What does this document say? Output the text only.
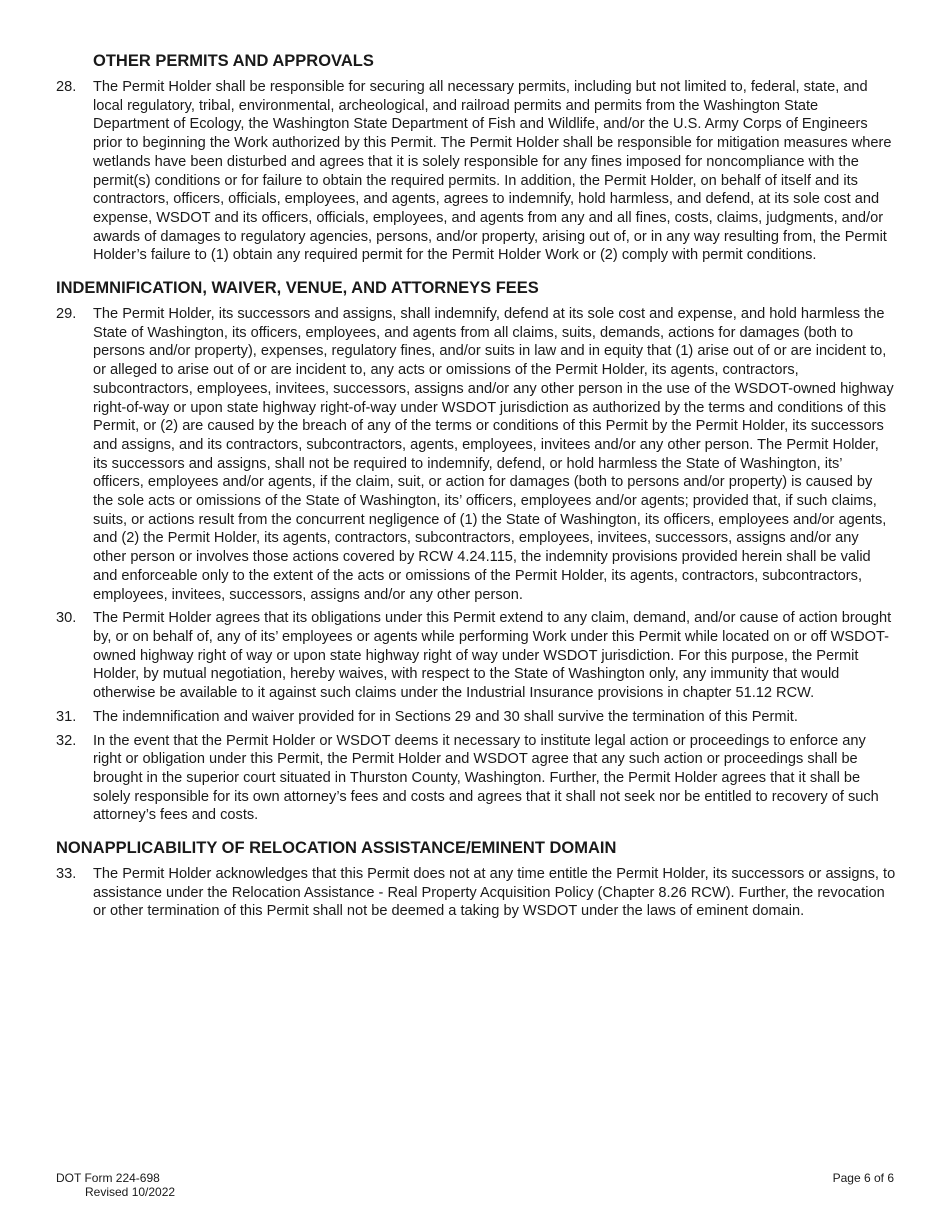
OTHER PERMITS AND APPROVALS
28.	The Permit Holder shall be responsible for securing all necessary permits, including but not limited to, federal, state, and local regulatory, tribal, environmental, archeological, and railroad permits and permits from the Washington State Department of Ecology, the Washington State Department of Fish and Wildlife, and/or the U.S. Army Corps of Engineers prior to beginning the Work authorized by this Permit. The Permit Holder shall be responsible for mitigation measures where wetlands have been disturbed and agrees that it is solely responsible for any fines imposed for noncompliance with the permit(s) conditions or for failure to obtain the required permits. In addition, the Permit Holder, on behalf of itself and its contractors, officers, officials, employees, and agents, agrees to indemnify, hold harmless, and defend, at its sole cost and expense, WSDOT and its officers, officials, employees, and agents from any and all fines, costs, claims, judgments, and/or awards of damages to regulatory agencies, persons, and/or property, arising out of, or in any way resulting from, the Permit Holder’s failure to (1) obtain any required permit for the Permit Holder Work or (2) comply with permit conditions.
INDEMNIFICATION, WAIVER, VENUE, AND ATTORNEYS FEES
29.	The Permit Holder, its successors and assigns, shall indemnify, defend at its sole cost and expense, and hold harmless the State of Washington, its officers, employees, and agents from all claims, suits, demands, actions for damages (both to persons and/or property), expenses, regulatory fines, and/or suits in law and in equity that (1) arise out of or are incident to, or alleged to arise out of or are incident to, any acts or omissions of the Permit Holder, its agents, contractors, subcontractors, employees, invitees, successors, assigns and/or any other person in the use of the WSDOT-owned highway right-of-way or upon state highway right-of-way under WSDOT jurisdiction as authorized by the terms and conditions of this Permit, or (2) are caused by the breach of any of the terms or conditions of this Permit by the Permit Holder, its successors and assigns, and its contractors, subcontractors, agents, employees, invitees and/or any other person. The Permit Holder, its successors and assigns, shall not be required to indemnify, defend, or hold harmless the State of Washington, its’ officers, employees and/or agents, if the claim, suit, or action for damages (both to persons and/or property) is caused by the sole acts or omissions of the State of Washington, its’ officers, employees and/or agents; provided that, if such claims, suits, or actions result from the concurrent negligence of (1) the State of Washington, its officers, employees and/or agents, and (2) the Permit Holder, its agents, contractors, subcontractors, employees, invitees, successors, assigns and/or any other person or involves those actions covered by RCW 4.24.115, the indemnity provisions provided herein shall be valid and enforceable only to the extent of the acts or omissions of the Permit Holder, its agents, contractors, subcontractors, employees, invitees, successors, assigns and/or any other person.
30.	The Permit Holder agrees that its obligations under this Permit extend to any claim, demand, and/or cause of action brought by, or on behalf of, any of its’ employees or agents while performing Work under this Permit while located on or off WSDOT-owned highway right of way or upon state highway right of way under WSDOT jurisdiction. For this purpose, the Permit Holder, by mutual negotiation, hereby waives, with respect to the State of Washington only, any immunity that would otherwise be available to it against such claims under the Industrial Insurance provisions in chapter 51.12 RCW.
31.	The indemnification and waiver provided for in Sections 29 and 30 shall survive the termination of this Permit.
32.	In the event that the Permit Holder or WSDOT deems it necessary to institute legal action or proceedings to enforce any right or obligation under this Permit, the Permit Holder and WSDOT agree that any such action or proceedings shall be brought in the superior court situated in Thurston County, Washington. Further, the Permit Holder agrees that it shall be solely responsible for its own attorney’s fees and costs and agrees that it shall not seek nor be entitled to recovery of such attorney’s fees and costs.
NONAPPLICABILITY OF RELOCATION ASSISTANCE/EMINENT DOMAIN
33.	The Permit Holder acknowledges that this Permit does not at any time entitle the Permit Holder, its successors or assigns, to assistance under the Relocation Assistance - Real Property Acquisition Policy (Chapter 8.26 RCW). Further, the revocation or other termination of this Permit shall not be deemed a taking by WSDOT under the laws of eminent domain.
DOT Form 224-698
Revised 10/2022
Page 6 of 6
